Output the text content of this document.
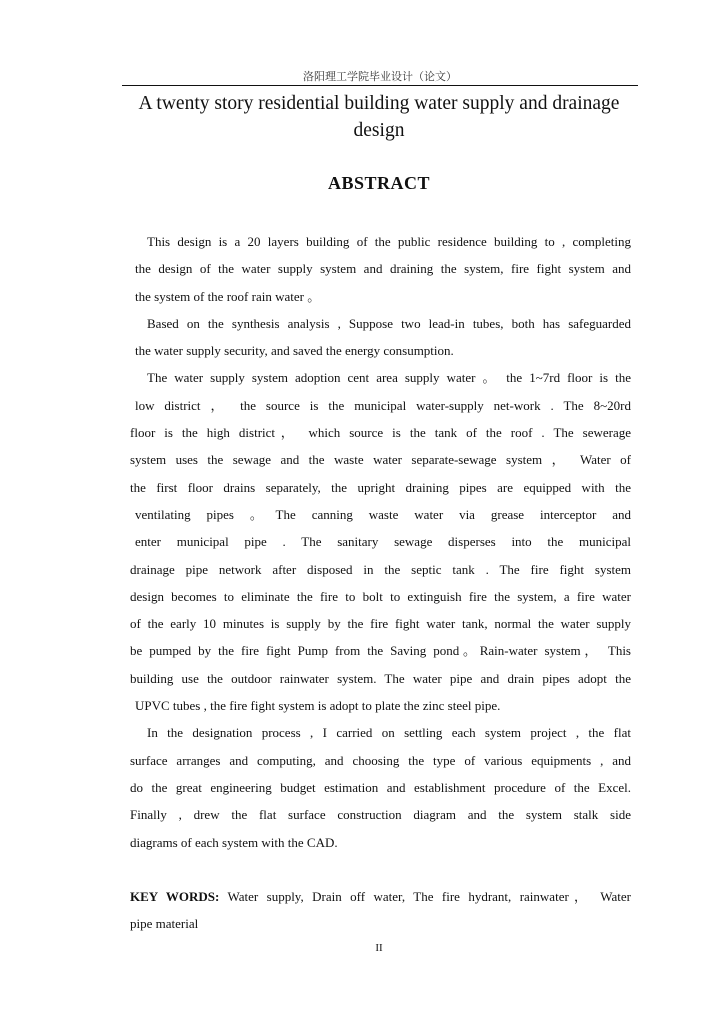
洛阳理工学院毕业设计（论文）
A twenty story residential building water supply and drainage
design
ABSTRACT
This design is a 20 layers building of the public residence building to , completing
the design of the water supply system and draining the system, fire fight system and
the system of the roof rain water 。
Based on the synthesis analysis , Suppose two lead-in tubes, both has safeguarded
the water supply security, and saved the energy consumption.
The water supply system adoption cent area supply water 。 the 1~7rd floor is the
low district ， the source is the municipal water-supply net-work . The 8~20rd
floor is the high district， which source is the tank of the roof . The sewerage
system uses the sewage and the waste water separate-sewage system ， Water of
the first floor drains separately, the upright draining pipes are equipped with the
ventilating pipes 。The canning waste water via grease interceptor and
enter municipal pipe . The sanitary sewage disperses into the municipal
drainage pipe network after disposed in the septic tank . The fire fight system
design becomes to eliminate the fire to bolt to extinguish fire the system, a fire water
of the early 10 minutes is supply by the fire fight water tank, normal the water supply
be pumped by the fire fight Pump from the Saving pond。Rain-water system， This
building use the outdoor rainwater system. The water pipe and drain pipes adopt the
UPVC tubes , the fire fight system is adopt to plate the zinc steel pipe.
In the designation process , I carried on settling each system project , the flat
surface arranges and computing, and choosing the type of various equipments , and
do the great engineering budget estimation and establishment procedure of the Excel.
Finally , drew the flat surface construction diagram and the system stalk side
diagrams of each system with the CAD.
KEY WORDS: Water supply, Drain off water, The fire hydrant, rainwater， Water
pipe material
II
